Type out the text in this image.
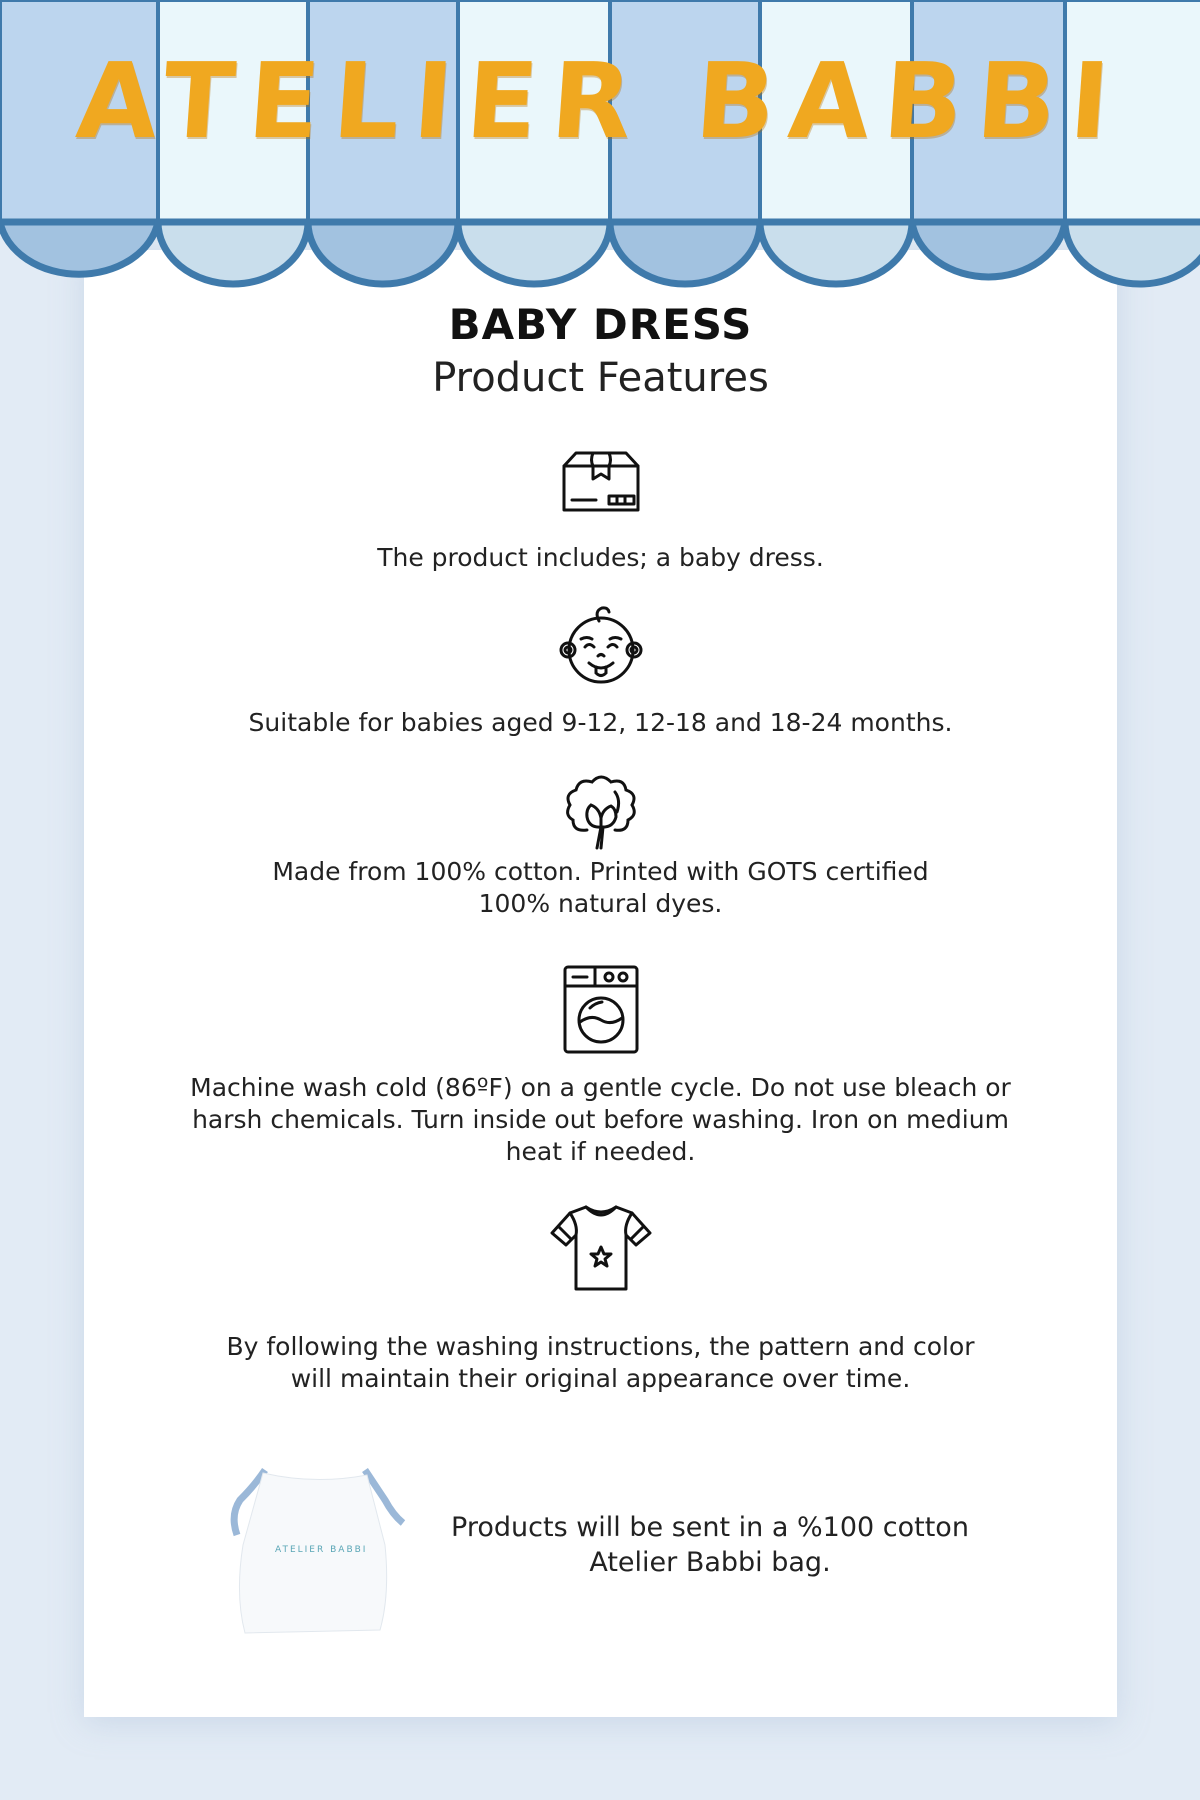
ATELIER BABBI
BABY DRESS
Product Features

The product includes; a baby dress.

Suitable for babies aged 9-12, 12-18 and 18-24 months.

Made from 100% cotton. Printed with GOTS certified
100% natural dyes.

Machine wash cold (86ºF) on a gentle cycle. Do not use bleach or
harsh chemicals. Turn inside out before washing. Iron on medium
heat if needed.

By following the washing instructions, the pattern and color
will maintain their original appearance over time.

ATELIER BABBI

Products will be sent in a %100 cotton
Atelier Babbi bag.
